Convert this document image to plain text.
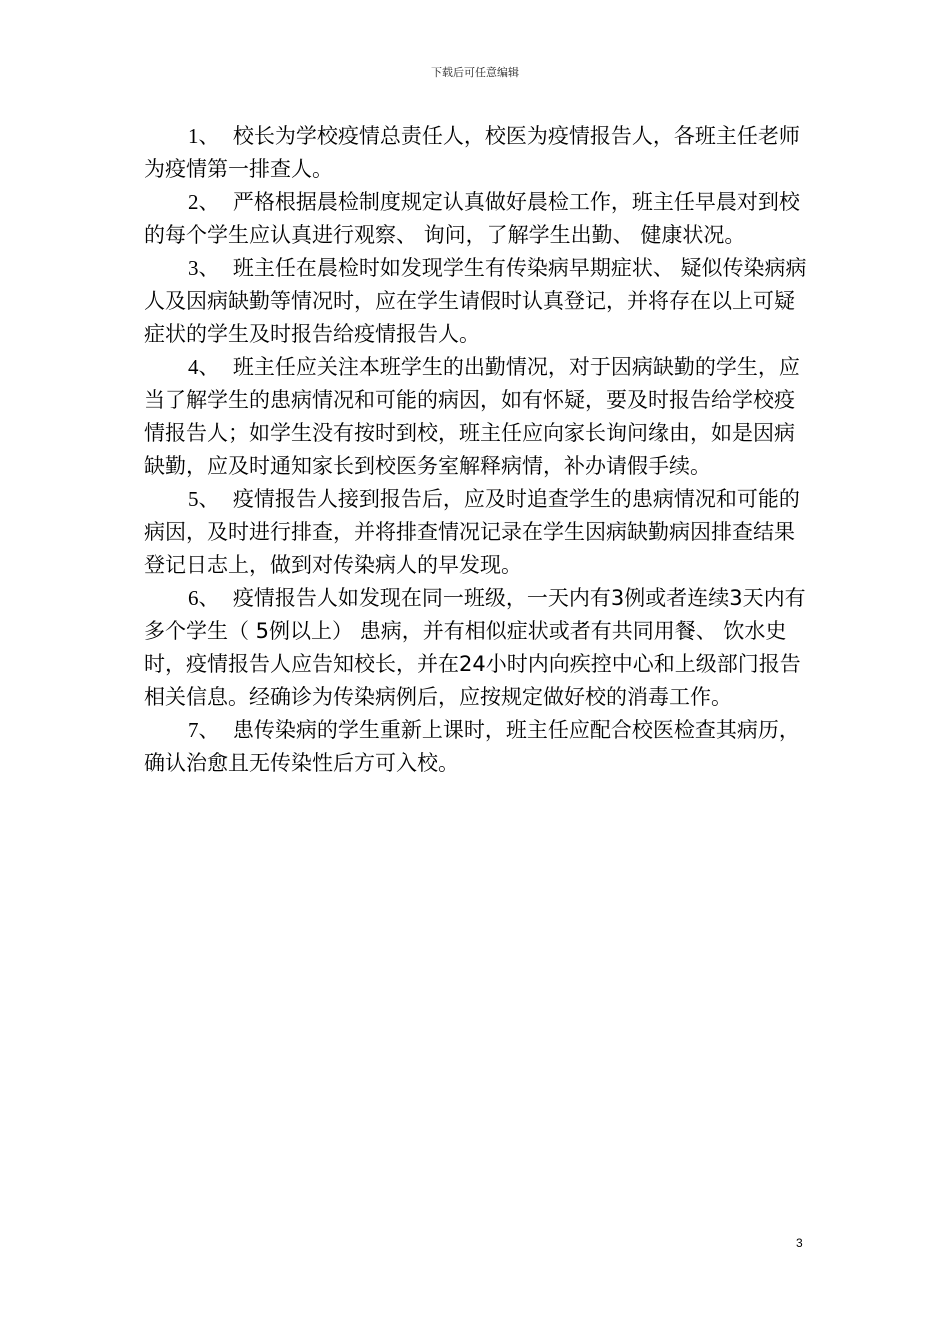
下载后可任意编辑

1、 校长为学校疫情总责任人，校医为疫情报告人，各班主任老师为疫情第一排查人。

2、 严格根据晨检制度规定认真做好晨检工作，班主任早晨对到校的每个学生应认真进行观察、 询问，了解学生出勤、 健康状况。

3、 班主任在晨检时如发现学生有传染病早期症状、 疑似传染病病人及因病缺勤等情况时，应在学生请假时认真登记，并将存在以上可疑症状的学生及时报告给疫情报告人。

4、 班主任应关注本班学生的出勤情况，对于因病缺勤的学生，应当了解学生的患病情况和可能的病因，如有怀疑，要及时报告给学校疫情报告人；如学生没有按时到校，班主任应向家长询问缘由，如是因病缺勤，应及时通知家长到校医务室解释病情，补办请假手续。

5、 疫情报告人接到报告后，应及时追查学生的患病情况和可能的病因，及时进行排查，并将排查情况记录在学生因病缺勤病因排查结果登记日志上，做到对传染病人的早发现。

6、 疫情报告人如发现在同一班级，一天内有3例或者连续3天内有多个学生（ 5例以上） 患病，并有相似症状或者有共同用餐、 饮水史时，疫情报告人应告知校长，并在24小时内向疾控中心和上级部门报告相关信息。经确诊为传染病例后，应按规定做好校的消毒工作。

7、 患传染病的学生重新上课时，班主任应配合校医检查其病历，确认治愈且无传染性后方可入校。

3
